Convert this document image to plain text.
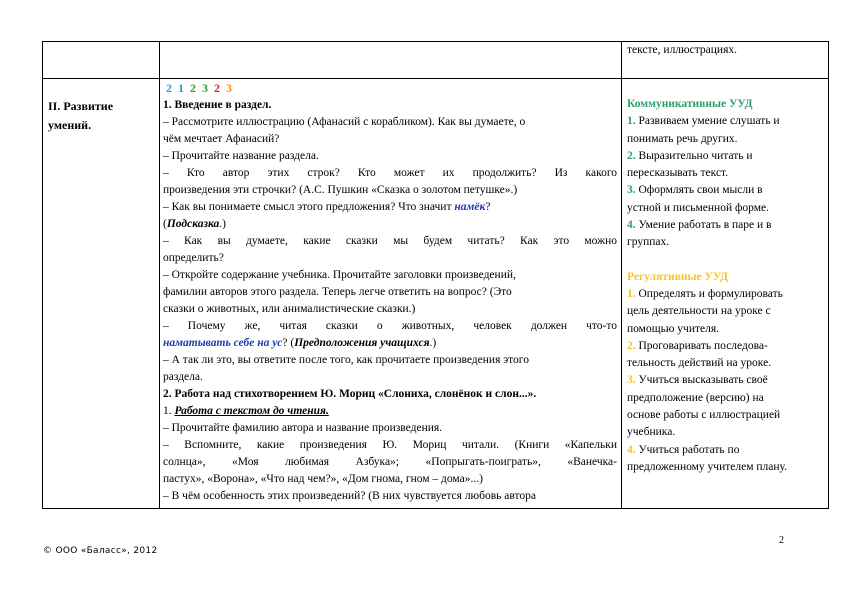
тексте, иллюстрациях.
II. Развитие
умений.
2 1 2 3 2 3
1. Введение в раздел.
– Рассмотрите иллюстрацию (Афанасий с корабликом). Как вы думаете, о
чём мечтает Афанасий?
– Прочитайте название раздела.
– Кто автор этих строк? Кто может их продолжить? Из какого
произведения эти строчки? (А.С. Пушкин «Сказка о золотом петушке».)
– Как вы понимаете смысл этого предложения? Что значит намёк?
(Подсказка.)
– Как вы думаете, какие сказки мы будем читать? Как это можно
определить?
– Откройте содержание учебника. Прочитайте заголовки произведений,
фамилии авторов этого раздела. Теперь легче ответить на вопрос? (Это
сказки о животных, или анималистические сказки.)
– Почему же, читая сказки о животных, человек должен что-то
наматывать себе на ус? (Предположения учащихся.)
– А так ли это, вы ответите после того, как прочитаете произведения этого
раздела.
2. Работа над стихотворением Ю. Мориц «Слониха, слонёнок и слон...».
1. Работа с текстом до чтения.
– Прочитайте фамилию автора и название произведения.
– Вспомните, какие произведения Ю. Мориц читали. (Книги «Капельки
солнца», «Моя любимая Азбука»; «Попрыгать-поиграть», «Ванечка-
пастух», «Ворона», «Что над чем?», «Дом гнома, гном – дома»...)
– В чём особенность этих произведений? (В них чувствуется любовь автора
Коммуникативные УУД
1. Развиваем умение слушать и
понимать речь других.
2. Выразительно читать и
пересказывать текст.
3. Оформлять свои мысли в
устной и письменной форме.
4. Умение работать в паре и в
группах.
Регулятивные УУД
1. Определять и формулировать
цель деятельности на уроке с
помощью учителя.
2. Проговаривать последова-
тельность действий на уроке.
3. Учиться высказывать своё
предположение (версию) на
основе работы с иллюстрацией
учебника.
4. Учиться работать по
предложенному учителем плану.
2
© ООО «Баласс», 2012
